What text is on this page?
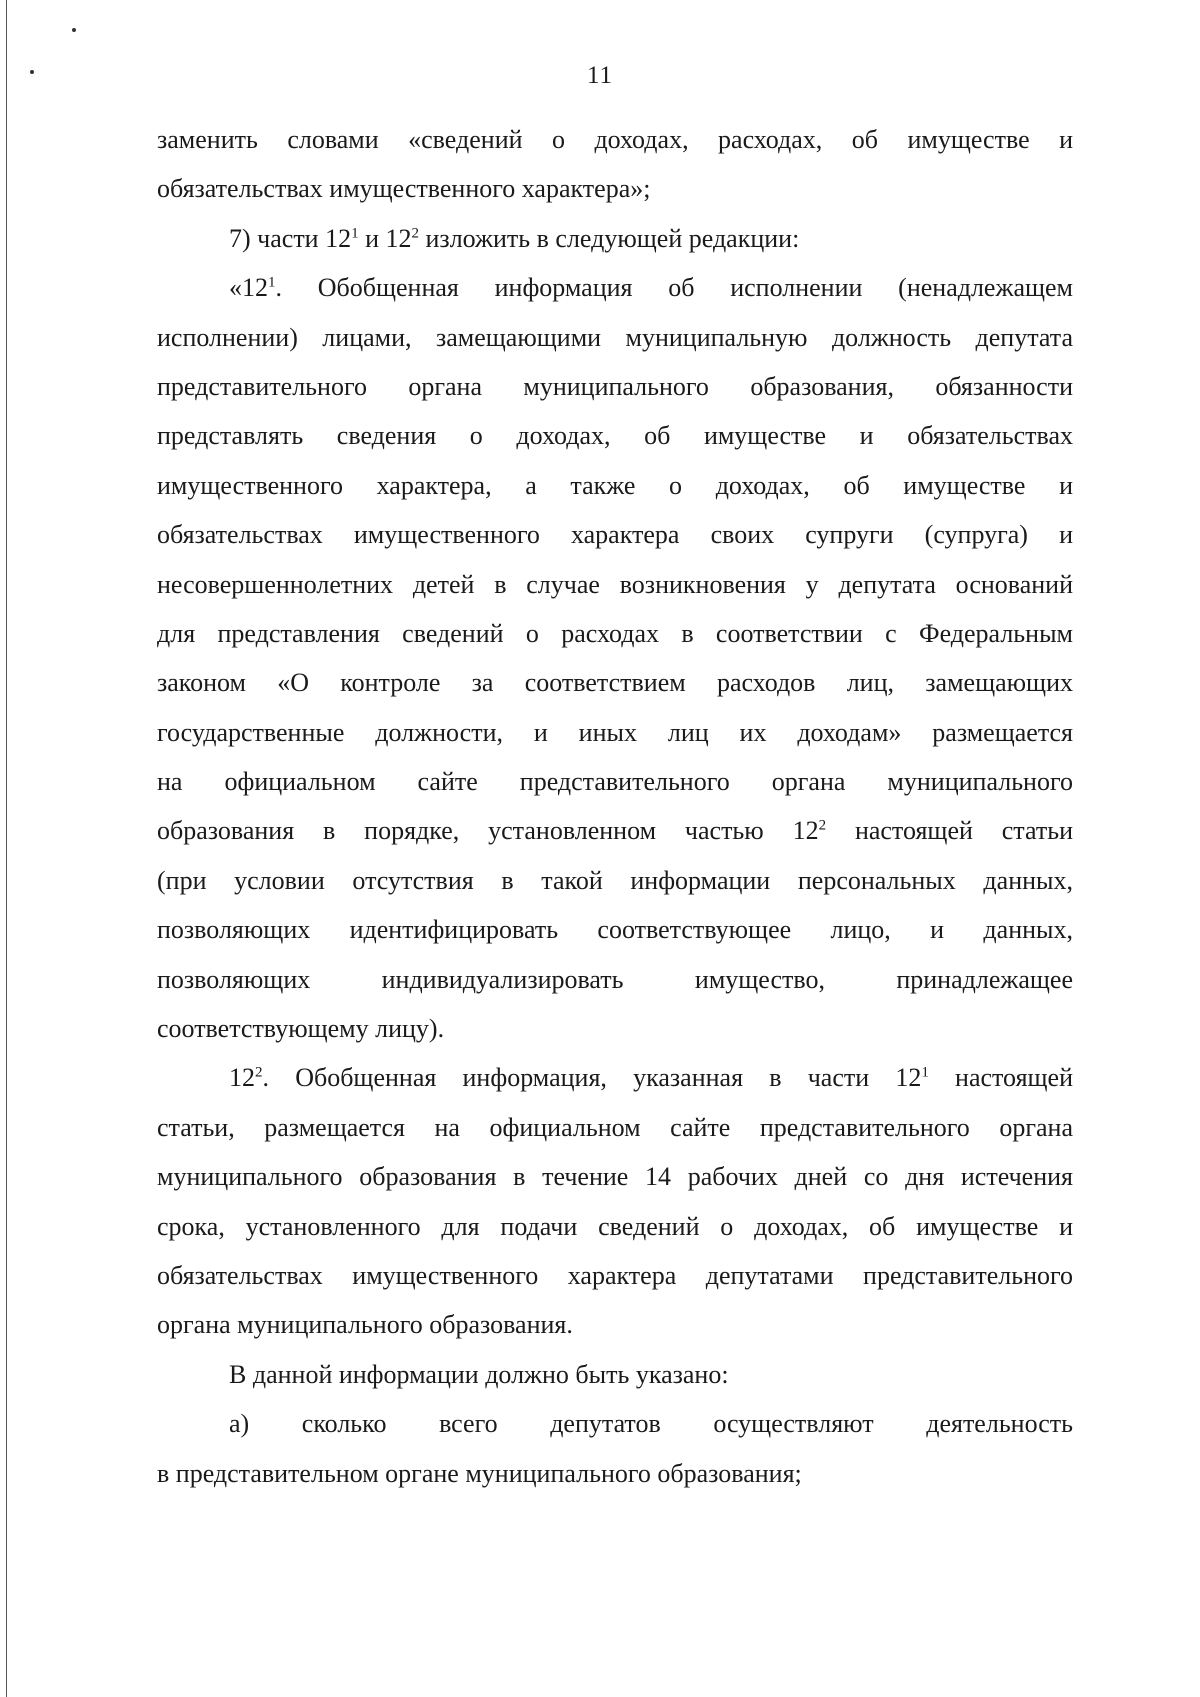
11
заменить словами «сведений о доходах, расходах, об имуществе и
обязательствах имущественного характера»;
7) части $12^1$ и $12^2$ изложить в следующей редакции:
«$12^1$. Обобщенная информация об исполнении (ненадлежащем
исполнении) лицами, замещающими муниципальную должность депутата
представительного органа муниципального образования, обязанности
представлять сведения о доходах, об имуществе и обязательствах
имущественного характера, а также о доходах, об имуществе и
обязательствах имущественного характера своих супруги (супруга) и
несовершеннолетних детей в случае возникновения у депутата оснований
для представления сведений о расходах в соответствии с Федеральным
законом «О контроле за соответствием расходов лиц, замещающих
государственные должности, и иных лиц их доходам» размещается
на официальном сайте представительного органа муниципального
образования в порядке, установленном частью $12^2$ настоящей статьи
(при условии отсутствия в такой информации персональных данных,
позволяющих идентифицировать соответствующее лицо, и данных,
позволяющих индивидуализировать имущество, принадлежащее
соответствующему лицу).
$12^2$. Обобщенная информация, указанная в части $12^1$ настоящей
статьи, размещается на официальном сайте представительного органа
муниципального образования в течение 14 рабочих дней со дня истечения
срока, установленного для подачи сведений о доходах, об имуществе и
обязательствах имущественного характера депутатами представительного
органа муниципального образования.
В данной информации должно быть указано:
а) сколько всего депутатов осуществляют деятельность
в представительном органе муниципального образования;
